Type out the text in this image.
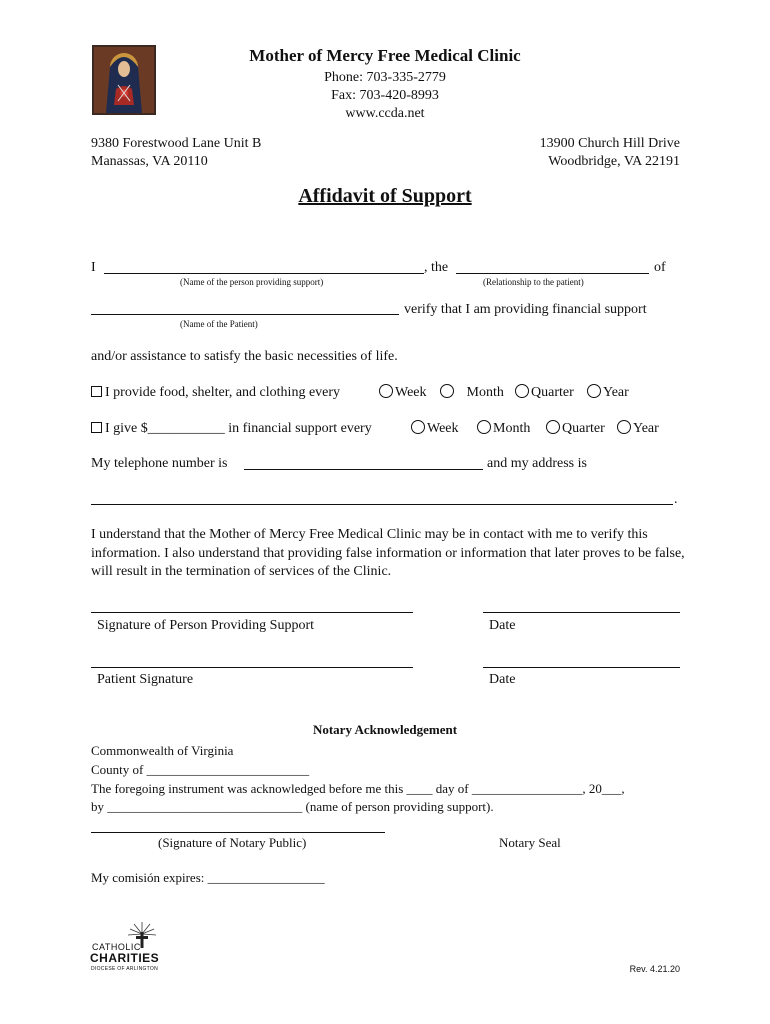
Mother of Mercy Free Medical Clinic
Phone: 703-335-2779
Fax: 703-420-8993
www.ccda.net
9380 Forestwood Lane Unit B
Manassas, VA 20110
13900 Church Hill Drive
Woodbridge, VA 22191
Affidavit of Support
I	, the	of
(Name of the person providing support)	(Relationship to the patient)
verify that I am providing financial support
(Name of the Patient)
and/or assistance to satisfy the basic necessities of life.
I provide food, shelter, and clothing every	Week	Month	Quarter	Year
I give $___________ in financial support every	Week	Month	Quarter	Year
My telephone number is	and my address is
.
I understand that the Mother of Mercy Free Medical Clinic may be in contact with me to verify this information. I also understand that providing false information or information that later proves to be false, will result in the termination of services of the Clinic.
Signature of Person Providing Support	Date
Patient Signature	Date
Notary Acknowledgement
Commonwealth of Virginia
County of _________________________
The foregoing instrument was acknowledged before me this ____ day of _________________, 20___,
by ______________________________ (name of person providing support).
(Signature of Notary Public)	Notary Seal
My comisión expires: __________________
CATHOLIC
CHARITIES
DIOCESE OF ARLINGTON	Rev. 4.21.20
